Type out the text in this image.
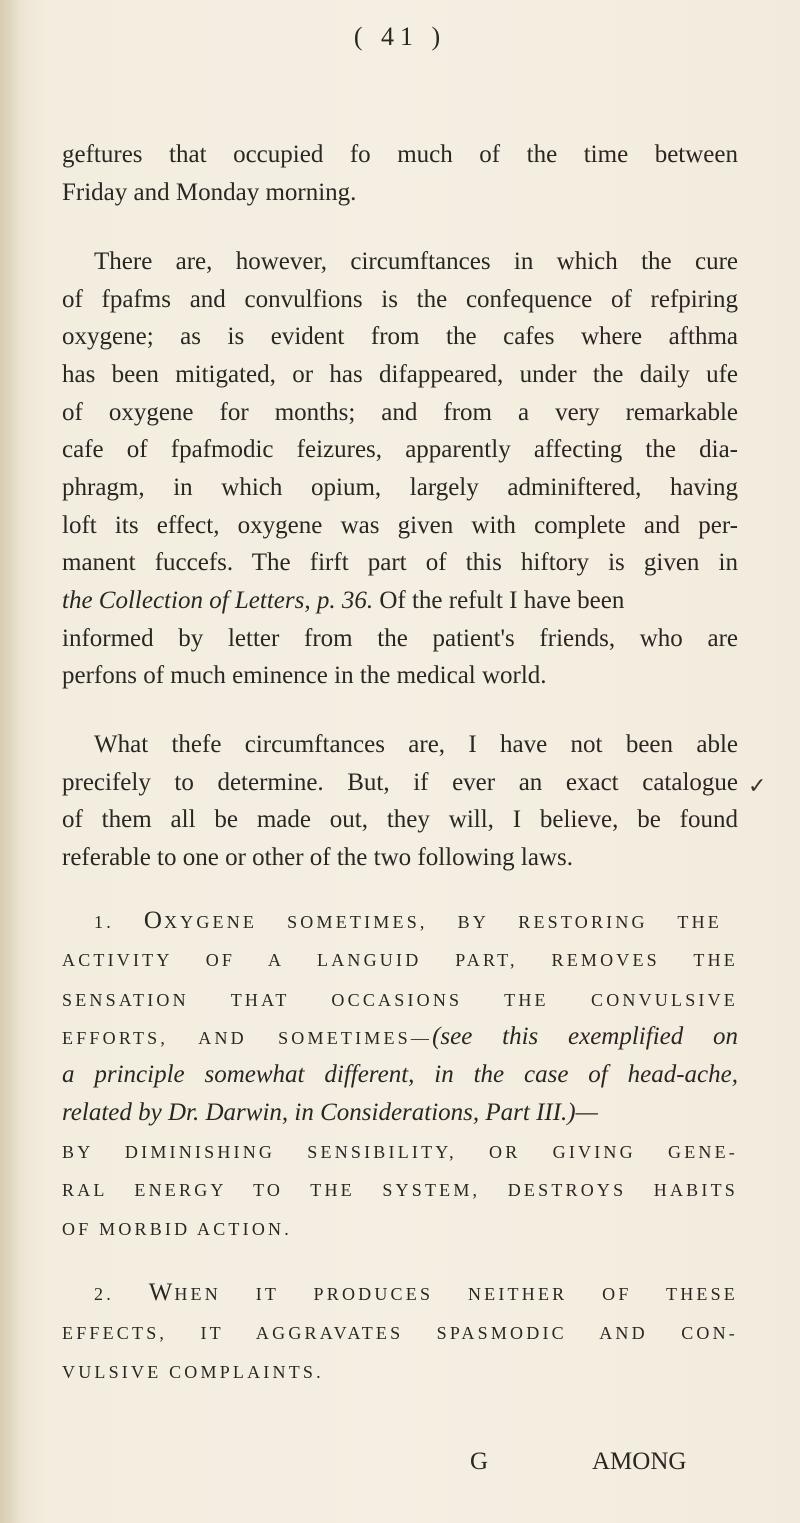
( 41 )
geftures that occupied fo much of the time between
Friday and Monday morning.
There are, however, circumftances in which the cure
of fpafms and convulfions is the confequence of refpiring
oxygene; as is evident from the cafes where afthma
has been mitigated, or has difappeared, under the daily ufe
of oxygene for months; and from a very remarkable
cafe of fpafmodic feizures, apparently affecting the dia-
phragm, in which opium, largely adminiftered, having
loft its effect, oxygene was given with complete and per-
manent fuccefs. The firft part of this hiftory is given in
the Collection of Letters, p. 36. Of the refult I have been
informed by letter from the patient's friends, who are
perfons of much eminence in the medical world.
What thefe circumftances are, I have not been able
precifely to determine. But, if ever an exact catalogue
of them all be made out, they will, I believe, be found
referable to one or other of the two following laws.
1. OXYGENE SOMETIMES, BY RESTORING THE
✓
ACTIVITY OF A LANGUID PART, REMOVES THE
SENSATION THAT OCCASIONS THE CONVULSIVE
EFFORTS, AND SOMETIMES—(see this exemplified on
a principle somewhat different, in the case of head-ache,
related by Dr. Darwin, in Considerations, Part III.)—
BY DIMINISHING SENSIBILITY, OR GIVING GENE-
RAL ENERGY TO THE SYSTEM, DESTROYS HABITS
OF MORBID ACTION.
2. WHEN IT PRODUCES NEITHER OF THESE
EFFECTS, IT AGGRAVATES SPASMODIC AND CON-
VULSIVE COMPLAINTS.
G	AMONG
